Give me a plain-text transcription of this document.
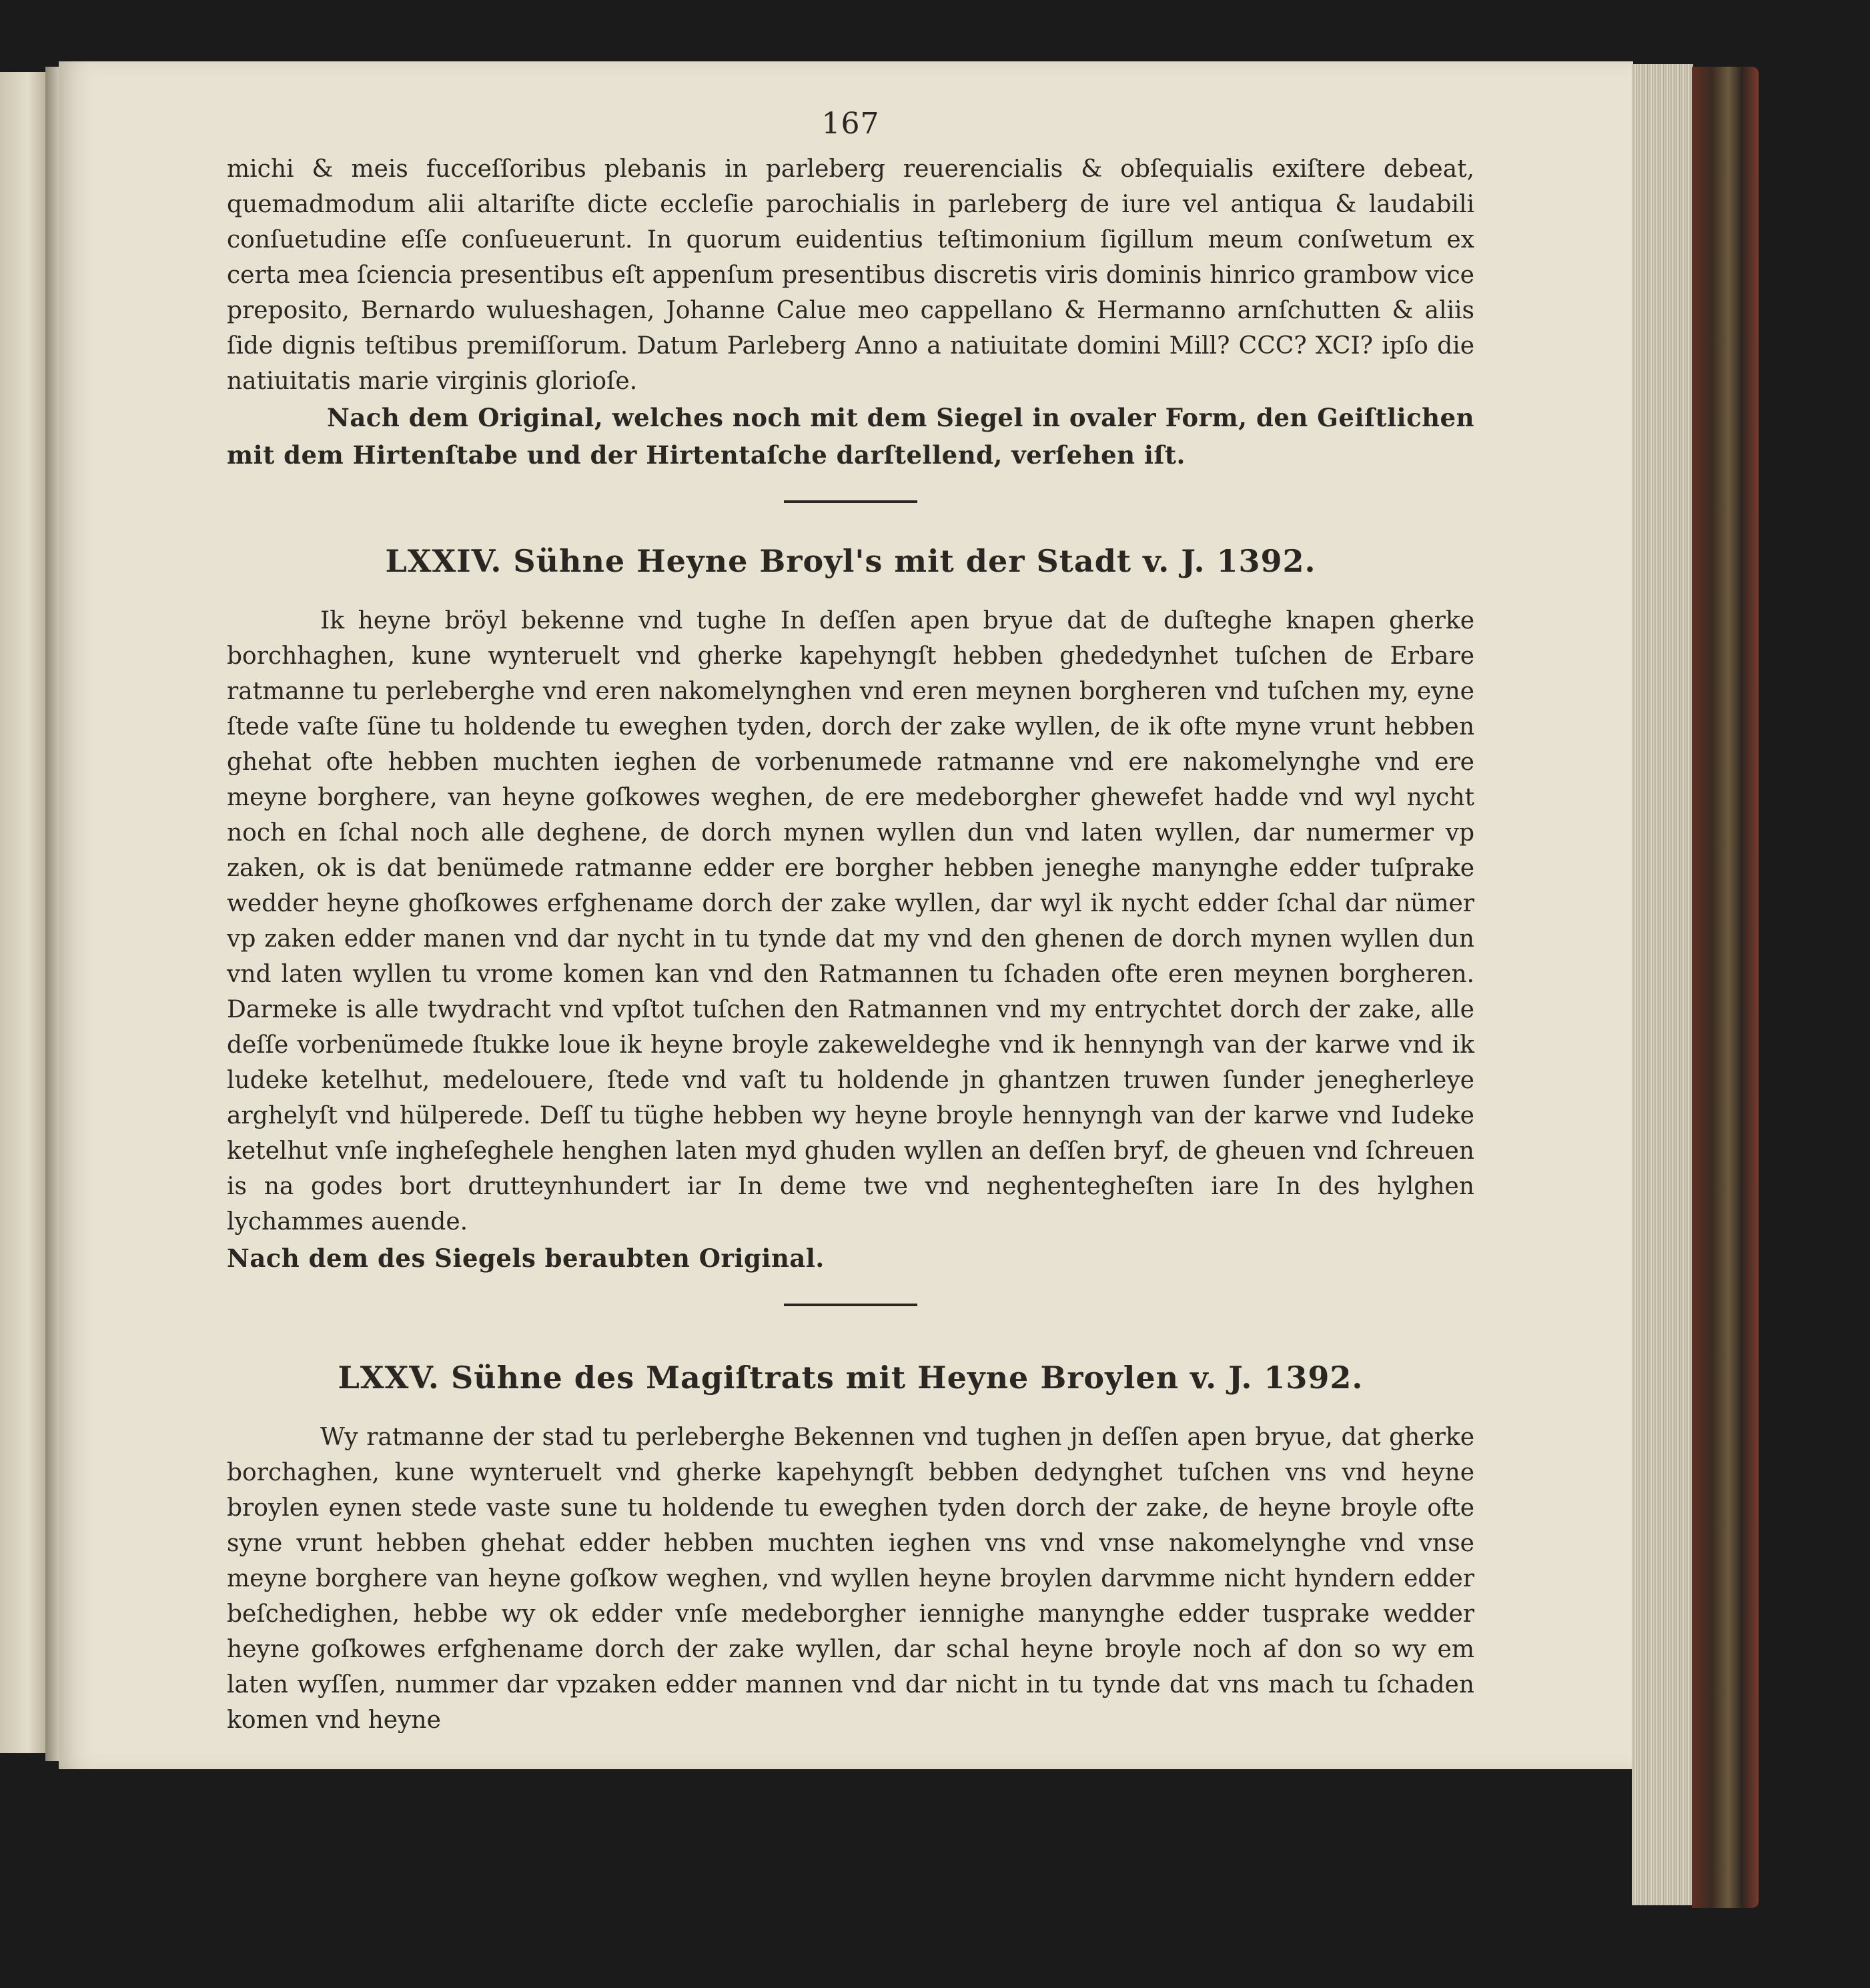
167

michi & meis fucceſſoribus plebanis in parleberg reuerencialis & obſequialis exiſtere debeat, quemadmodum alii altariſte dicte eccleſie parochialis in parleberg de iure vel antiqua & laudabili conſuetudine eſſe conſueuerunt. In quorum euidentius teſtimonium ſigillum meum conſwetum ex certa mea ſciencia presentibus eſt appenſum presentibus discretis viris dominis hinrico grambow vice preposito, Bernardo wulueshagen, Johanne Calue meo cappellano & Hermanno arnſchutten & aliis ſide dignis teſtibus premiſſorum. Datum Parleberg Anno a natiuitate domini Mill? CCC? XCI? ipſo die natiuitatis marie virginis glorioſe.

Nach dem Original, welches noch mit dem Siegel in ovaler Form, den Geiſtlichen mit dem Hirtenſtabe und der Hirtentaſche darſtellend, verſehen iſt.

LXXIV. Sühne Heyne Broyl's mit der Stadt v. J. 1392.

Ik heyne bröyl bekenne vnd tughe In deſſen apen bryue dat de duſteghe knapen gherke borchhaghen, kune wynteruelt vnd gherke kapehyngſt hebben ghededynhet tuſchen de Erbare ratmanne tu perleberghe vnd eren nakomelynghen vnd eren meynen borgheren vnd tuſchen my, eyne ſtede vaſte ſüne tu holdende tu eweghen tyden, dorch der zake wyllen, de ik ofte myne vrunt hebben ghehat ofte hebben muchten ieghen de vorbenumede ratmanne vnd ere nakomelynghe vnd ere meyne borghere, van heyne goſkowes weghen, de ere medeborgher ghewefet hadde vnd wyl nycht noch en ſchal noch alle deghene, de dorch mynen wyllen dun vnd laten wyllen, dar numermer vp zaken, ok is dat benümede ratmanne edder ere borgher hebben jeneghe manynghe edder tuſprake wedder heyne ghoſkowes erfghename dorch der zake wyllen, dar wyl ik nycht edder ſchal dar nümer vp zaken edder manen vnd dar nycht in tu tynde dat my vnd den ghenen de dorch mynen wyllen dun vnd laten wyllen tu vrome komen kan vnd den Ratmannen tu ſchaden ofte eren meynen borgheren. Darmeke is alle twydracht vnd vpſtot tuſchen den Ratmannen vnd my entrychtet dorch der zake, alle deſſe vorbenümede ſtukke loue ik heyne broyle zakeweldeghe vnd ik hennyngh van der karwe vnd ik ludeke ketelhut, medelouere, ſtede vnd vaſt tu holdende jn ghantzen truwen ſunder jenegherleye arghelyſt vnd hülperede. Deſſ tu tüghe hebben wy heyne broyle hennyngh van der karwe vnd Iudeke ketelhut vnſe ingheſeghele henghen laten myd ghuden wyllen an deſſen bryf, de gheuen vnd ſchreuen is na godes bort drutteynhundert iar In deme twe vnd neghentegheſten iare In des hylghen lychammes auende.

Nach dem des Siegels beraubten Original.

LXXV. Sühne des Magiſtrats mit Heyne Broylen v. J. 1392.

Wy ratmanne der stad tu perleberghe Bekennen vnd tughen jn deſſen apen bryue, dat gherke borchaghen, kune wynteruelt vnd gherke kapehyngſt bebben dedynghet tuſchen vns vnd heyne broylen eynen stede vaste sune tu holdende tu eweghen tyden dorch der zake, de heyne broyle ofte syne vrunt hebben ghehat edder hebben muchten ieghen vns vnd vnse nakomelynghe vnd vnse meyne borghere van heyne goſkow weghen, vnd wyllen heyne broylen darvmme nicht hyndern edder beſchedighen, hebbe wy ok edder vnſe medeborgher iennighe manynghe edder tusprake wedder heyne goſkowes erfghename dorch der zake wyllen, dar schal heyne broyle noch af don so wy em laten wyſſen, nummer dar vpzaken edder mannen vnd dar nicht in tu tynde dat vns mach tu ſchaden komen vnd heyne
